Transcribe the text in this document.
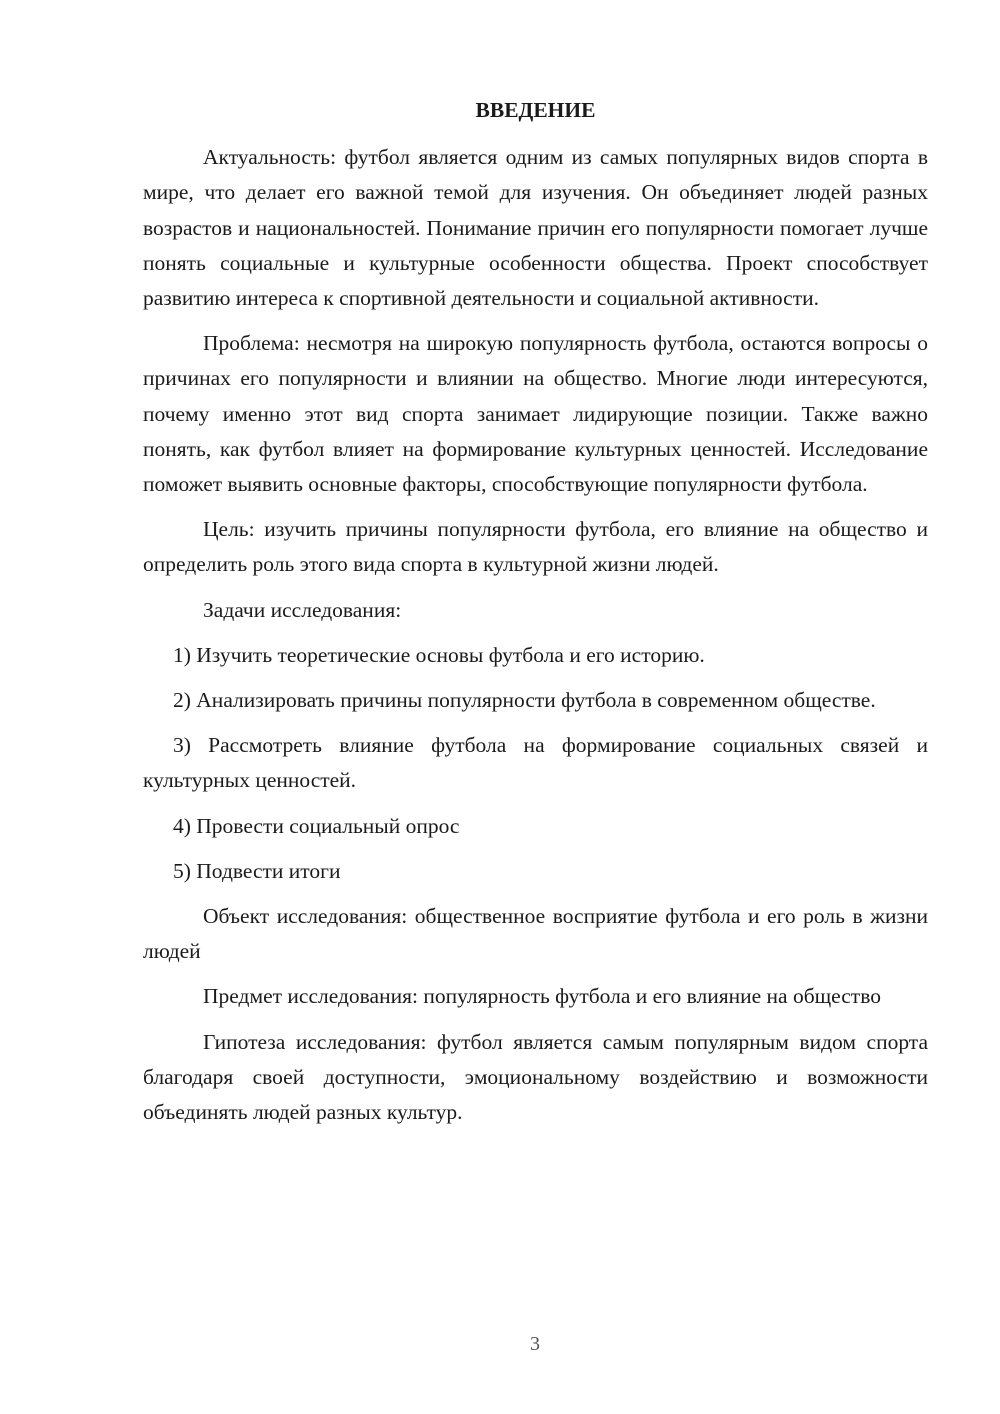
ВВЕДЕНИЕ

Актуальность: футбол является одним из самых популярных видов спорта в мире, что делает его важной темой для изучения. Он объединяет людей разных возрастов и национальностей. Понимание причин его популярности помогает лучше понять социальные и культурные особенности общества. Проект способствует развитию интереса к спортивной деятельности и социальной активности.

Проблема: несмотря на широкую популярность футбола, остаются вопросы о причинах его популярности и влиянии на общество. Многие люди интересуются, почему именно этот вид спорта занимает лидирующие позиции. Также важно понять, как футбол влияет на формирование культурных ценностей. Исследование поможет выявить основные факторы, способствующие популярности футбола.

Цель: изучить причины популярности футбола, его влияние на общество и определить роль этого вида спорта в культурной жизни людей.

Задачи исследования:

1) Изучить теоретические основы футбола и его историю.

2) Анализировать причины популярности футбола в современном обществе.

3) Рассмотреть влияние футбола на формирование социальных связей и культурных ценностей.

4) Провести социальный опрос

5) Подвести итоги

Объект исследования: общественное восприятие футбола и его роль в жизни людей

Предмет исследования: популярность футбола и его влияние на общество

Гипотеза исследования: футбол является самым популярным видом спорта благодаря своей доступности, эмоциональному воздействию и возможности объединять людей разных культур.

3
